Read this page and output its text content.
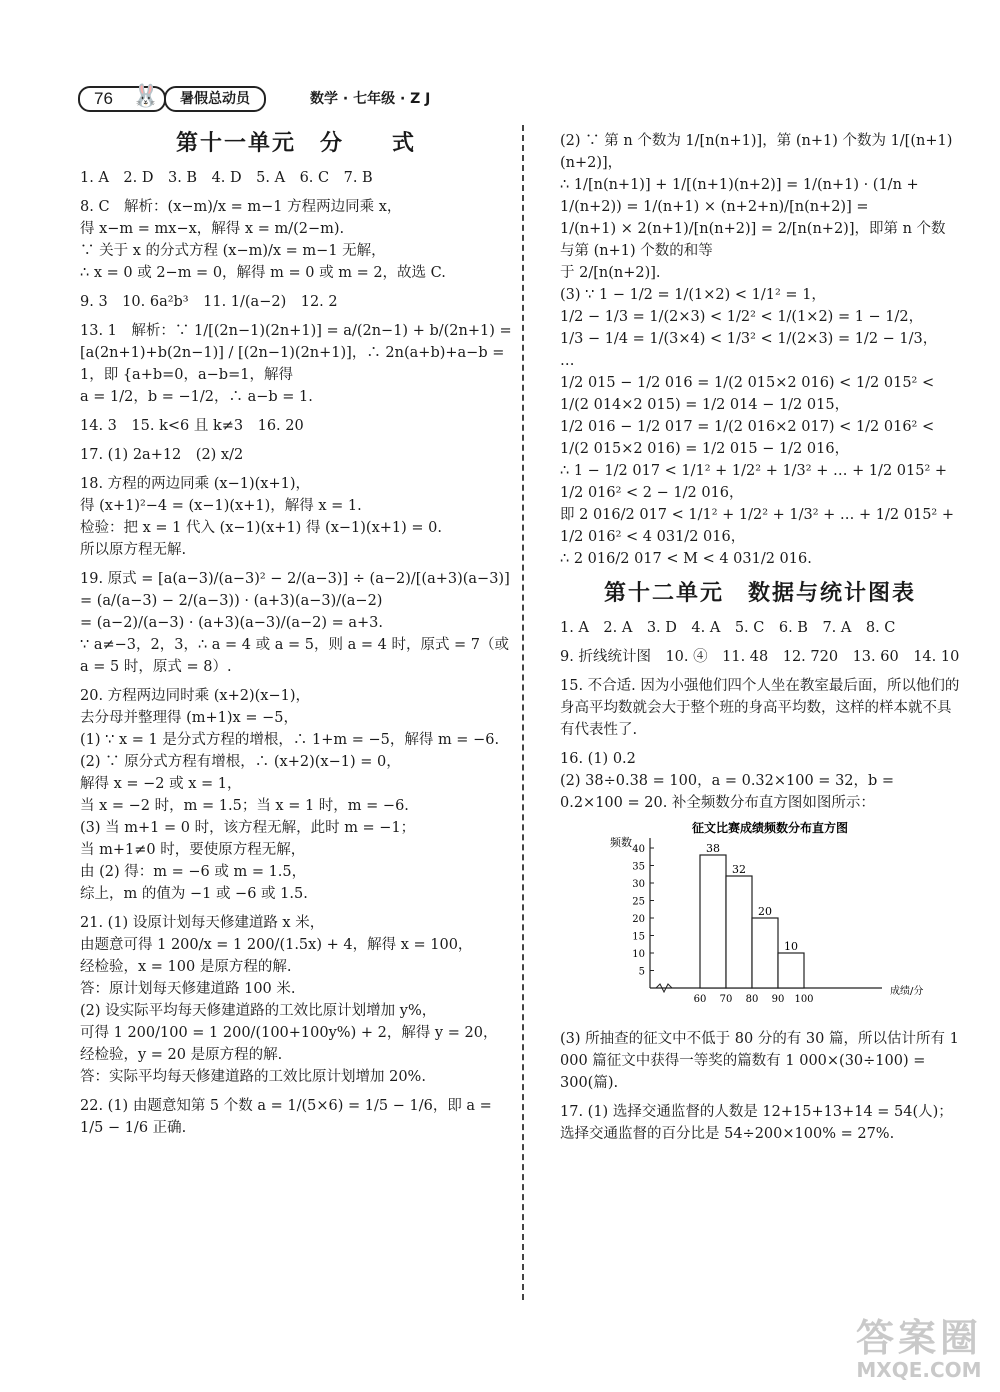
76 🐰	暑假总动员	数学 · 七年级 · Z J
第十一单元　分　　式

1. A　2. D　3. B　4. D　5. A　6. C　7. B

8. C　解析：(x−m)/x = m−1 方程两边同乘 x，

得 x−m = mx−x，解得 x = m/(2−m).

∵ 关于 x 的分式方程 (x−m)/x = m−1 无解，

∴ x = 0 或 2−m = 0，解得 m = 0 或 m = 2，故选 C.

9. 3　10. 6a²b³　11. 1/(a−2)　12. 2

13. 1　解析：∵ 1/[(2n−1)(2n+1)] = a/(2n−1) + b/(2n+1) =

[a(2n+1)+b(2n−1)] / [(2n−1)(2n+1)]，∴ 2n(a+b)+a−b = 1，即 {a+b=0，a−b=1，解得

a = 1/2，b = −1/2，∴ a−b = 1.

14. 3　15. k<6 且 k≠3　16. 20

17. (1) 2a+12　(2) x/2

18. 方程的两边同乘 (x−1)(x+1)，

得 (x+1)²−4 = (x−1)(x+1)，解得 x = 1.

检验：把 x = 1 代入 (x−1)(x+1) 得 (x−1)(x+1) = 0.

所以原方程无解.

19. 原式 = [a(a−3)/(a−3)² − 2/(a−3)] ÷ (a−2)/[(a+3)(a−3)]

= (a/(a−3) − 2/(a−3)) · (a+3)(a−3)/(a−2)

= (a−2)/(a−3) · (a+3)(a−3)/(a−2) = a+3.

∵ a≠−3，2，3，∴ a = 4 或 a = 5，则 a = 4 时，原式 = 7（或 a = 5 时，原式 = 8）.

20. 方程两边同时乘 (x+2)(x−1)，

去分母并整理得 (m+1)x = −5，

(1) ∵ x = 1 是分式方程的增根，∴ 1+m = −5，解得 m = −6.

(2) ∵ 原分式方程有增根，∴ (x+2)(x−1) = 0，

解得 x = −2 或 x = 1，

当 x = −2 时，m = 1.5；当 x = 1 时，m = −6.

(3) 当 m+1 = 0 时，该方程无解，此时 m = −1；

当 m+1≠0 时，要使原方程无解，

由 (2) 得：m = −6 或 m = 1.5，

综上，m 的值为 −1 或 −6 或 1.5.

21. (1) 设原计划每天修建道路 x 米，

由题意可得 1 200/x = 1 200/(1.5x) + 4，解得 x = 100，

经检验，x = 100 是原方程的解.

答：原计划每天修建道路 100 米.

(2) 设实际平均每天修建道路的工效比原计划增加 y%，

可得 1 200/100 = 1 200/(100+100y%) + 2，解得 y = 20，

经检验，y = 20 是原方程的解.

答：实际平均每天修建道路的工效比原计划增加 20%.

22. (1) 由题意知第 5 个数 a = 1/(5×6) = 1/5 − 1/6，即 a = 1/5 − 1/6 正确.

(2) ∵ 第 n 个数为 1/[n(n+1)]，第 (n+1) 个数为 1/[(n+1)(n+2)]，

∴ 1/[n(n+1)] + 1/[(n+1)(n+2)] = 1/(n+1) · (1/n + 1/(n+2)) = 1/(n+1) × (n+2+n)/[n(n+2)] =

1/(n+1) × 2(n+1)/[n(n+2)] = 2/[n(n+2)]，即第 n 个数与第 (n+1) 个数的和等

于 2/[n(n+2)].

(3) ∵ 1 − 1/2 = 1/(1×2) < 1/1² = 1，

1/2 − 1/3 = 1/(2×3) < 1/2² < 1/(1×2) = 1 − 1/2，

1/3 − 1/4 = 1/(3×4) < 1/3² < 1/(2×3) = 1/2 − 1/3，

…

1/2 015 − 1/2 016 = 1/(2 015×2 016) < 1/2 015² < 1/(2 014×2 015) = 1/2 014 − 1/2 015，

1/2 016 − 1/2 017 = 1/(2 016×2 017) < 1/2 016² < 1/(2 015×2 016) = 1/2 015 − 1/2 016，

∴ 1 − 1/2 017 < 1/1² + 1/2² + 1/3² + … + 1/2 015² + 1/2 016² < 2 − 1/2 016，

即 2 016/2 017 < 1/1² + 1/2² + 1/3² + … + 1/2 015² + 1/2 016² < 4 031/2 016，

∴ 2 016/2 017 < M < 4 031/2 016.

第十二单元　数据与统计图表

1. A　2. A　3. D　4. A　5. C　6. B　7. A　8. C

9. 折线统计图　10. ④　11. 48　12. 720　13. 60　14. 10

15. 不合适. 因为小强他们四个人坐在教室最后面，所以他们的身高平均数就会大于整个班的身高平均数，这样的样本就不具有代表性了.

16. (1) 0.2

(2) 38÷0.38 = 100，a = 0.32×100 = 32，b = 0.2×100 = 20. 补全频数分布直方图如图所示：

征文比赛成绩频数分布直方图
频数
5
10
15
20
25
30
35
40
60 70 80 90 100
38
32
20
10
成绩/分

(3) 所抽查的征文中不低于 80 分的有 30 篇，所以估计所有 1 000 篇征文中获得一等奖的篇数有 1 000×(30÷100) = 300(篇).

17. (1) 选择交通监督的人数是 12+15+13+14 = 54(人)；

选择交通监督的百分比是 54÷200×100% = 27%.

答案圈
MXQE.COM
